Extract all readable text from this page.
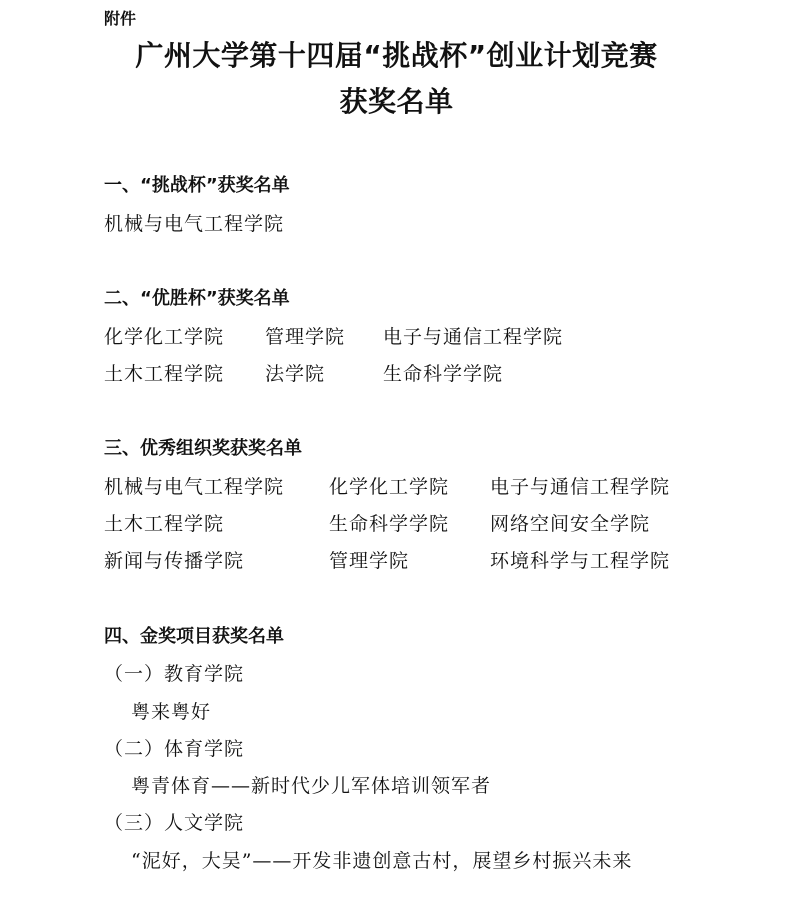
附件
广州大学第十四届“挑战杯”创业计划竞赛
获奖名单
一、“挑战杯”获奖名单
机械与电气工程学院
二、“优胜杯”获奖名单
化学化工学院 管理学院 电子与通信工程学院
土木工程学院 法学院	生命科学学院
三、优秀组织奖获奖名单
机械与电气工程学院 化学化工学院 电子与通信工程学院
土木工程学院	生命科学学院 网络空间安全学院
新闻与传播学院	管理学院	环境科学与工程学院
四、金奖项目获奖名单
（一）教育学院
粤来粤好
（二）体育学院
粤青体育——新时代少儿军体培训领军者
（三）人文学院
“泥好，大吴”——开发非遗创意古村，展望乡村振兴未来
